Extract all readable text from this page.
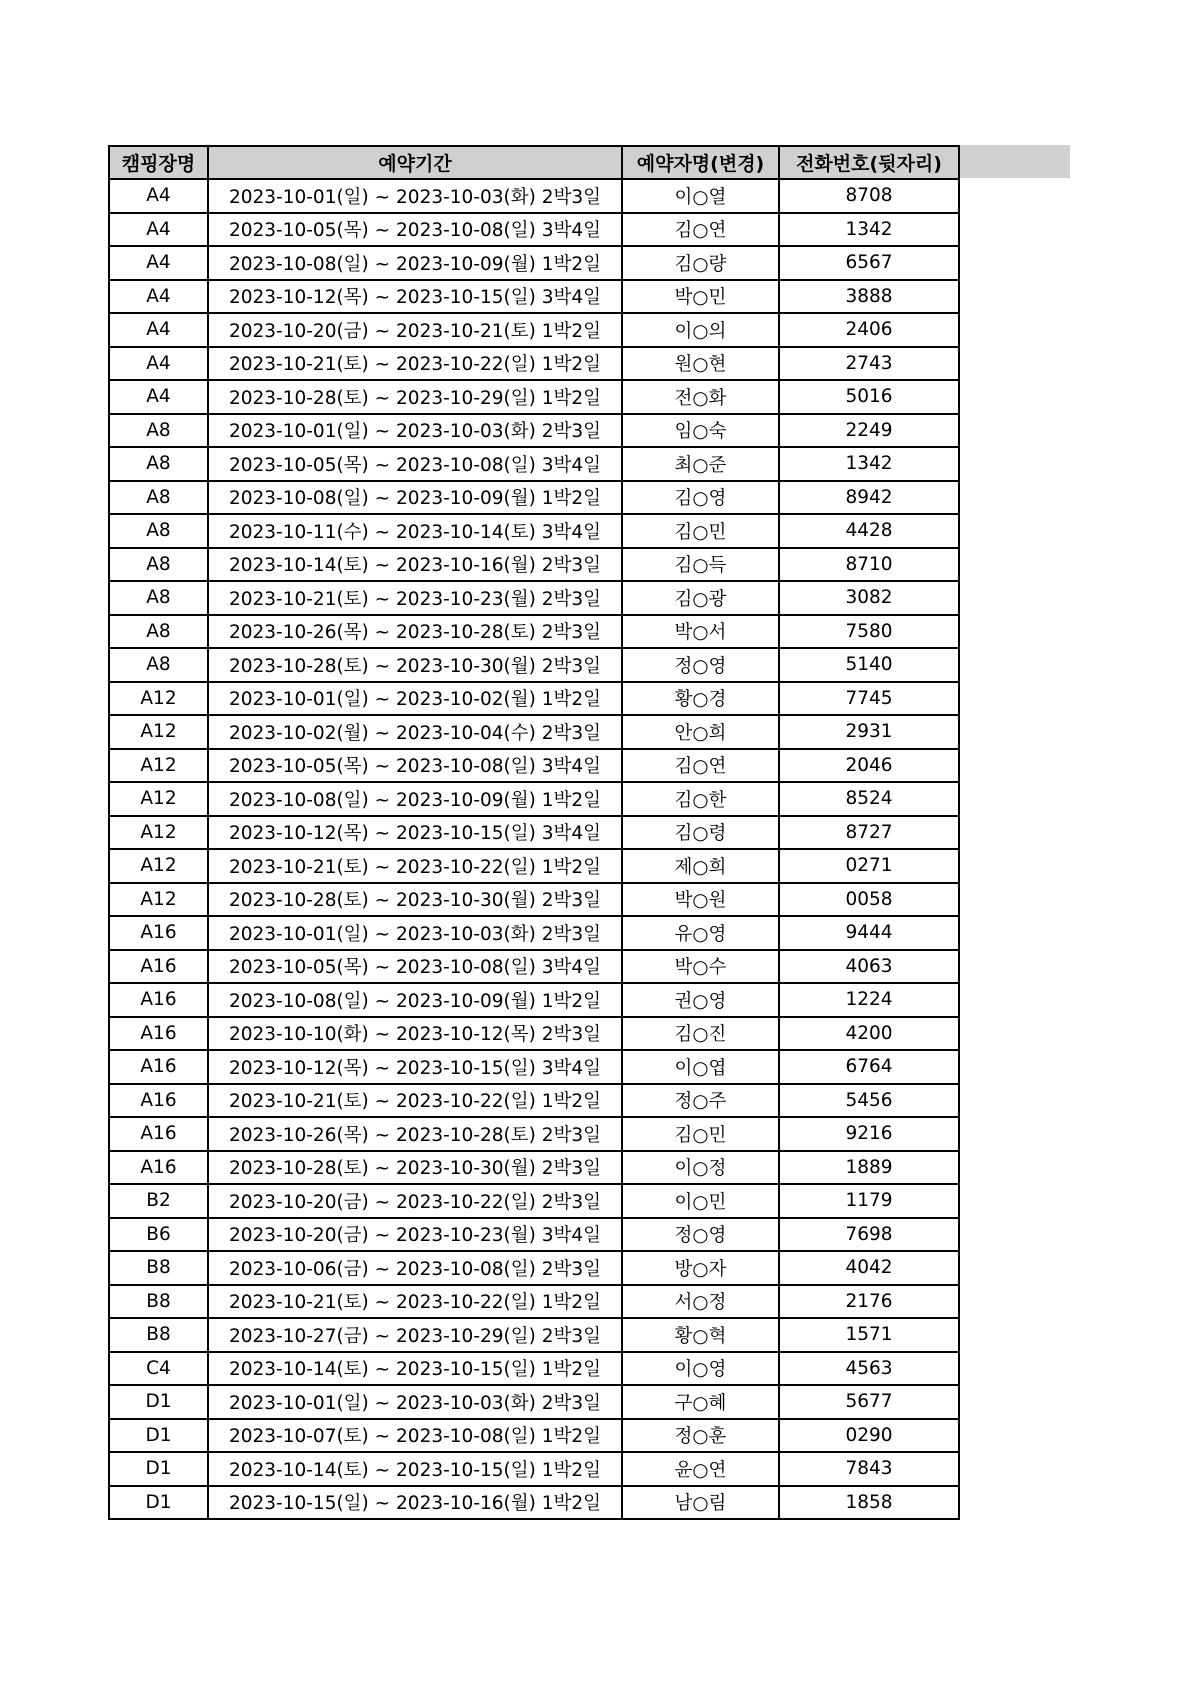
캠핑장명	예약기간	예약자명(변경)	전화번호(뒷자리)
A4	2023-10-01(일) ~ 2023-10-03(화) 2박3일	이○열	8708
A4	2023-10-05(목) ~ 2023-10-08(일) 3박4일	김○연	1342
A4	2023-10-08(일) ~ 2023-10-09(월) 1박2일	김○량	6567
A4	2023-10-12(목) ~ 2023-10-15(일) 3박4일	박○민	3888
A4	2023-10-20(금) ~ 2023-10-21(토) 1박2일	이○의	2406
A4	2023-10-21(토) ~ 2023-10-22(일) 1박2일	원○현	2743
A4	2023-10-28(토) ~ 2023-10-29(일) 1박2일	전○화	5016
A8	2023-10-01(일) ~ 2023-10-03(화) 2박3일	임○숙	2249
A8	2023-10-05(목) ~ 2023-10-08(일) 3박4일	최○준	1342
A8	2023-10-08(일) ~ 2023-10-09(월) 1박2일	김○영	8942
A8	2023-10-11(수) ~ 2023-10-14(토) 3박4일	김○민	4428
A8	2023-10-14(토) ~ 2023-10-16(월) 2박3일	김○득	8710
A8	2023-10-21(토) ~ 2023-10-23(월) 2박3일	김○광	3082
A8	2023-10-26(목) ~ 2023-10-28(토) 2박3일	박○서	7580
A8	2023-10-28(토) ~ 2023-10-30(월) 2박3일	정○영	5140
A12	2023-10-01(일) ~ 2023-10-02(월) 1박2일	황○경	7745
A12	2023-10-02(월) ~ 2023-10-04(수) 2박3일	안○희	2931
A12	2023-10-05(목) ~ 2023-10-08(일) 3박4일	김○연	2046
A12	2023-10-08(일) ~ 2023-10-09(월) 1박2일	김○한	8524
A12	2023-10-12(목) ~ 2023-10-15(일) 3박4일	김○령	8727
A12	2023-10-21(토) ~ 2023-10-22(일) 1박2일	제○희	0271
A12	2023-10-28(토) ~ 2023-10-30(월) 2박3일	박○원	0058
A16	2023-10-01(일) ~ 2023-10-03(화) 2박3일	유○영	9444
A16	2023-10-05(목) ~ 2023-10-08(일) 3박4일	박○수	4063
A16	2023-10-08(일) ~ 2023-10-09(월) 1박2일	권○영	1224
A16	2023-10-10(화) ~ 2023-10-12(목) 2박3일	김○진	4200
A16	2023-10-12(목) ~ 2023-10-15(일) 3박4일	이○엽	6764
A16	2023-10-21(토) ~ 2023-10-22(일) 1박2일	정○주	5456
A16	2023-10-26(목) ~ 2023-10-28(토) 2박3일	김○민	9216
A16	2023-10-28(토) ~ 2023-10-30(월) 2박3일	이○정	1889
B2	2023-10-20(금) ~ 2023-10-22(일) 2박3일	이○민	1179
B6	2023-10-20(금) ~ 2023-10-23(월) 3박4일	정○영	7698
B8	2023-10-06(금) ~ 2023-10-08(일) 2박3일	방○자	4042
B8	2023-10-21(토) ~ 2023-10-22(일) 1박2일	서○정	2176
B8	2023-10-27(금) ~ 2023-10-29(일) 2박3일	황○혁	1571
C4	2023-10-14(토) ~ 2023-10-15(일) 1박2일	이○영	4563
D1	2023-10-01(일) ~ 2023-10-03(화) 2박3일	구○혜	5677
D1	2023-10-07(토) ~ 2023-10-08(일) 1박2일	정○훈	0290
D1	2023-10-14(토) ~ 2023-10-15(일) 1박2일	윤○연	7843
D1	2023-10-15(일) ~ 2023-10-16(월) 1박2일	남○림	1858
